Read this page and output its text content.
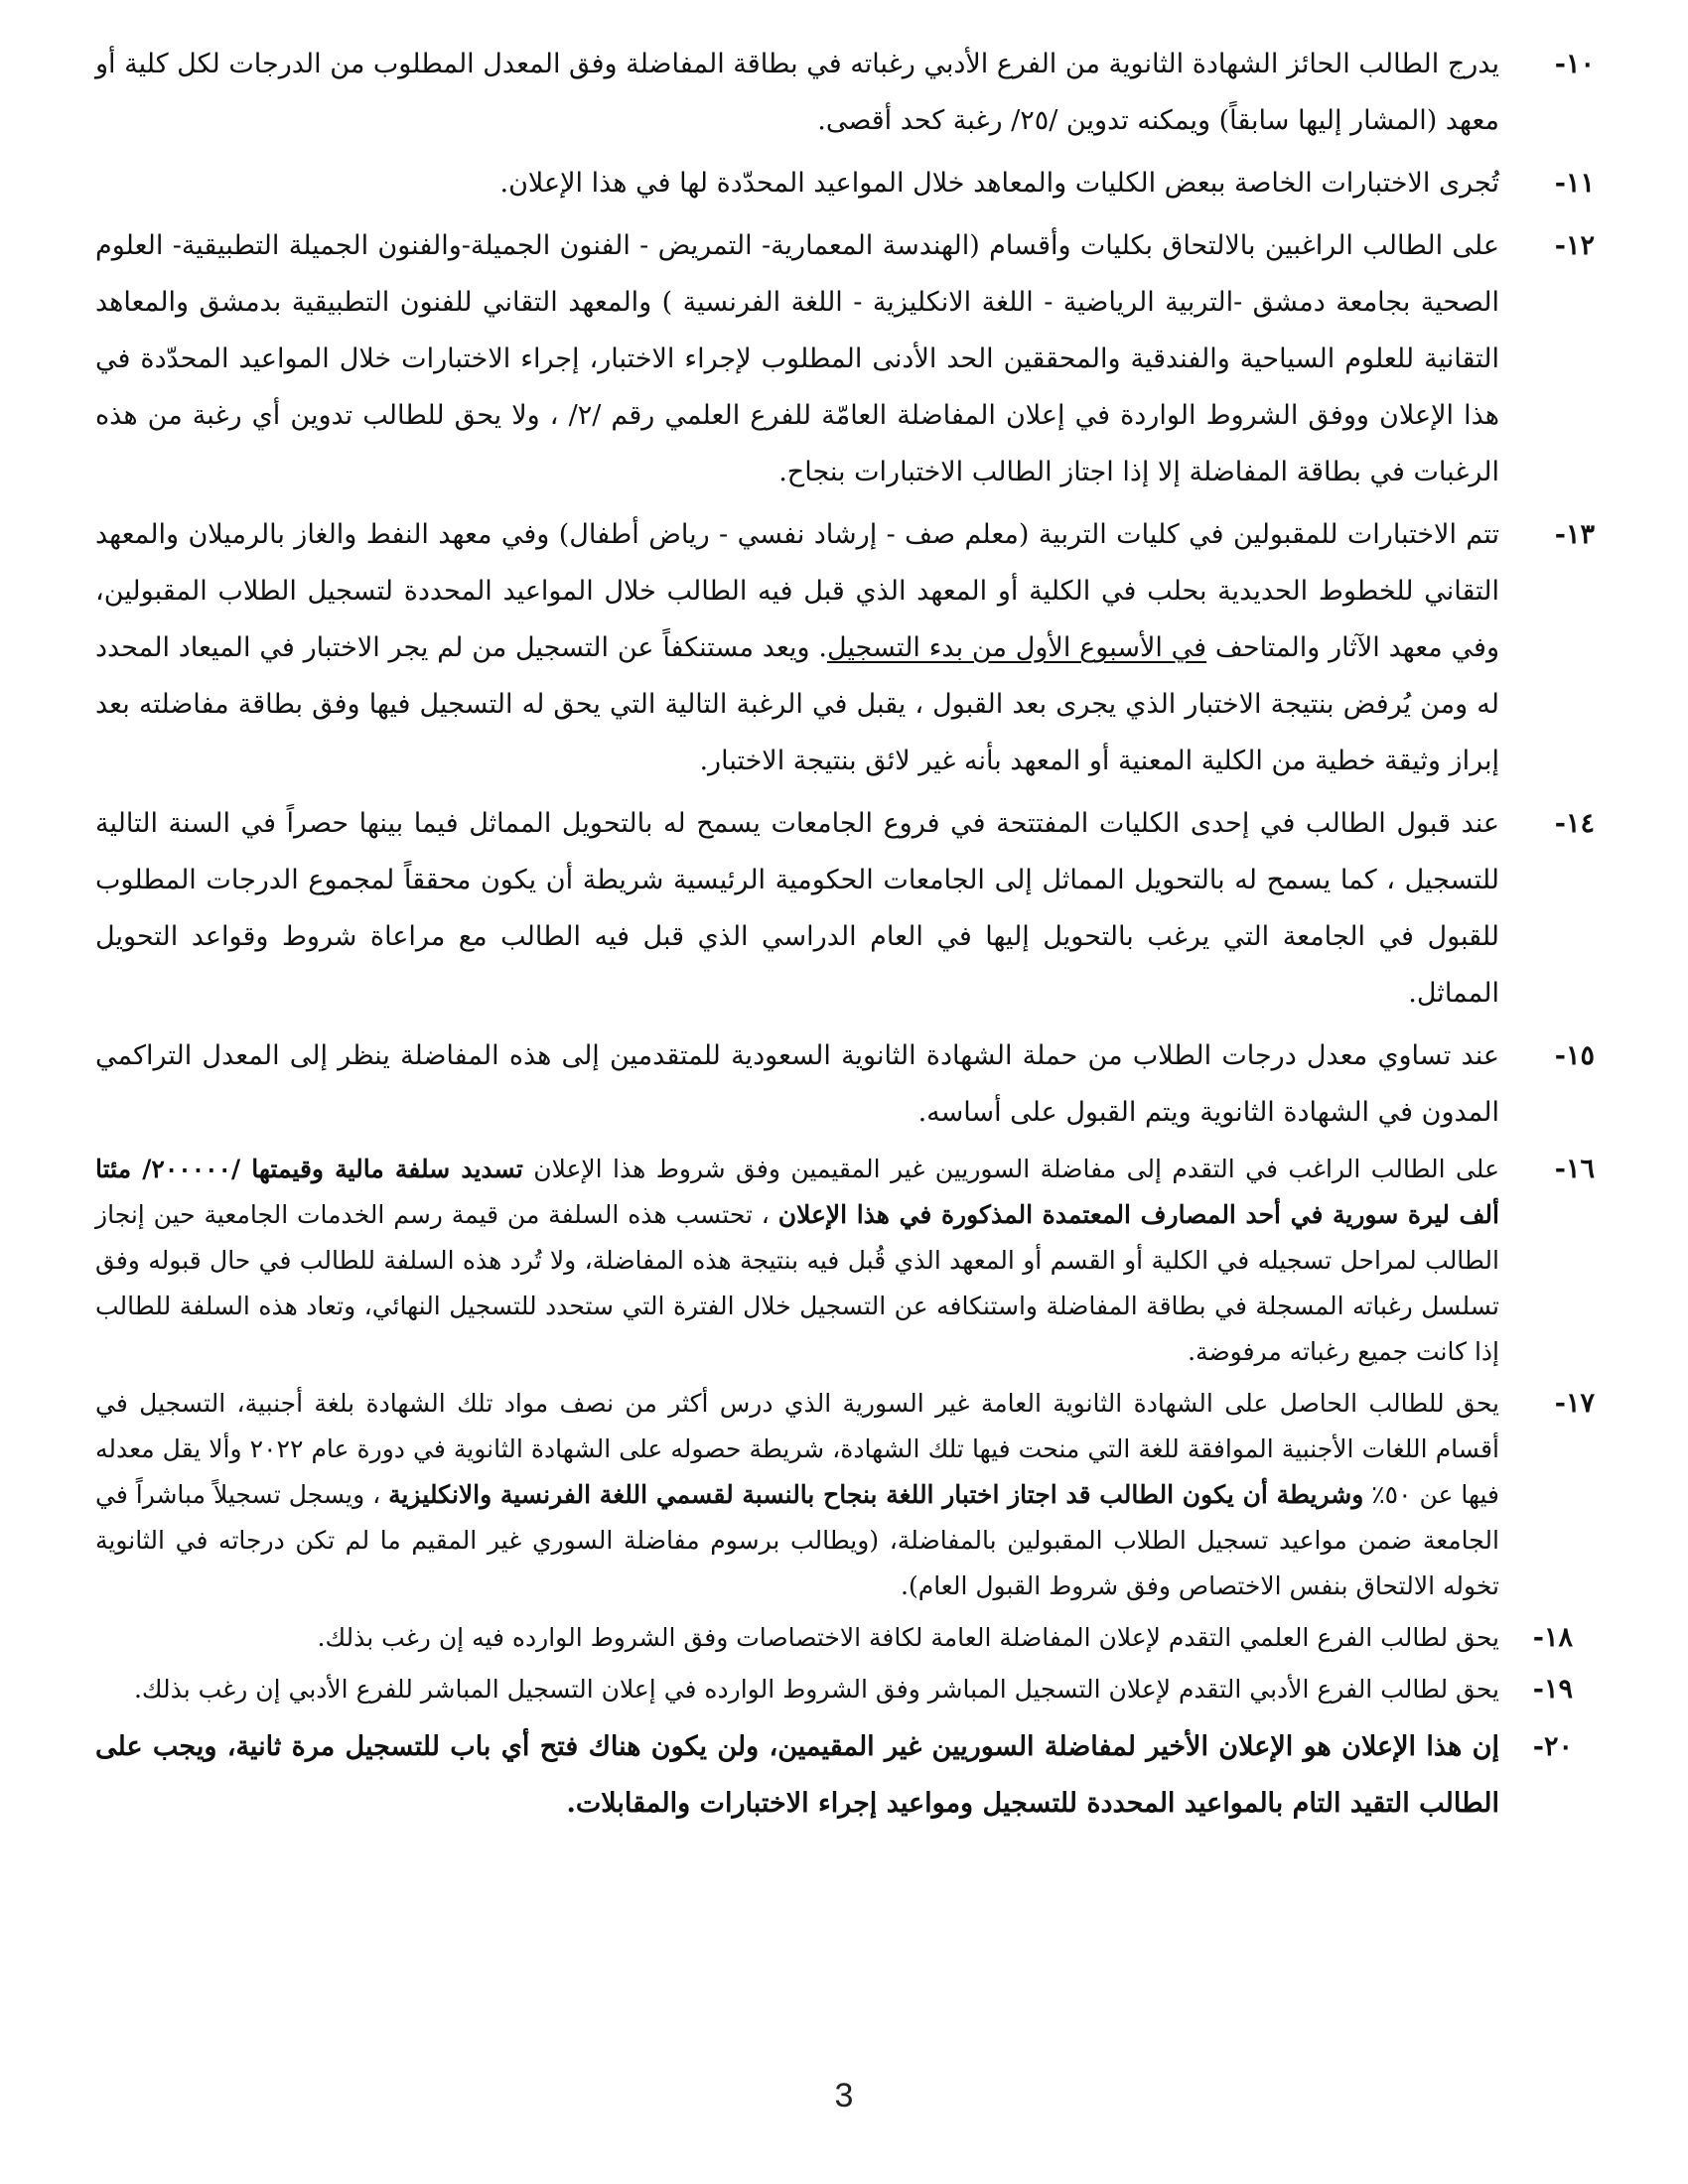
١٠-
يدرج الطالب الحائز الشهادة الثانوية من الفرع الأدبي رغباته في بطاقة المفاضلة وفق المعدل المطلوب من الدرجات لكل كلية أو معهد (المشار إليها سابقاً) ويمكنه تدوين /٢٥/ رغبة كحد أقصى.
١١-
تُجرى الاختبارات الخاصة ببعض الكليات والمعاهد خلال المواعيد المحدّدة لها في هذا الإعلان.
١٢-
على الطالب الراغبين بالالتحاق بكليات وأقسام (الهندسة المعمارية- التمريض - الفنون الجميلة-والفنون الجميلة التطبيقية- العلوم الصحية بجامعة دمشق -التربية الرياضية - اللغة الانكليزية - اللغة الفرنسية ) والمعهد التقاني للفنون التطبيقية بدمشق والمعاهد التقانية للعلوم السياحية والفندقية والمحققين الحد الأدنى المطلوب لإجراء الاختبار، إجراء الاختبارات خلال المواعيد المحدّدة في هذا الإعلان ووفق الشروط الواردة في إعلان المفاضلة العامّة للفرع العلمي رقم /٢/ ، ولا يحق للطالب تدوين أي رغبة من هذه الرغبات في بطاقة المفاضلة إلا إذا اجتاز الطالب الاختبارات بنجاح.
١٣-
تتم الاختبارات للمقبولين في كليات التربية (معلم صف - إرشاد نفسي - رياض أطفال) وفي معهد النفط والغاز بالرميلان والمعهد التقاني للخطوط الحديدية بحلب في الكلية أو المعهد الذي قبل فيه الطالب خلال المواعيد المحددة لتسجيل الطلاب المقبولين، وفي معهد الآثار والمتاحف في الأسبوع الأول من بدء التسجيل. ويعد مستنكفاً عن التسجيل من لم يجر الاختبار في الميعاد المحدد له ومن يُرفض بنتيجة الاختبار الذي يجرى بعد القبول ، يقبل في الرغبة التالية التي يحق له التسجيل فيها وفق بطاقة مفاضلته بعد إبراز وثيقة خطية من الكلية المعنية أو المعهد بأنه غير لائق بنتيجة الاختبار.
١٤-
عند قبول الطالب في إحدى الكليات المفتتحة في فروع الجامعات يسمح له بالتحويل المماثل فيما بينها حصراً في السنة التالية للتسجيل ، كما يسمح له بالتحويل المماثل إلى الجامعات الحكومية الرئيسية شريطة أن يكون محققاً لمجموع الدرجات المطلوب للقبول في الجامعة التي يرغب بالتحويل إليها في العام الدراسي الذي قبل فيه الطالب مع مراعاة شروط وقواعد التحويل المماثل.
١٥-
عند تساوي معدل درجات الطلاب من حملة الشهادة الثانوية السعودية للمتقدمين إلى هذه المفاضلة ينظر إلى المعدل التراكمي المدون في الشهادة الثانوية ويتم القبول على أساسه.
١٦-
على الطالب الراغب في التقدم إلى مفاضلة السوريين غير المقيمين وفق شروط هذا الإعلان تسديد سلفة مالية وقيمتها /٢٠٠٠٠٠/ مئتا ألف ليرة سورية في أحد المصارف المعتمدة المذكورة في هذا الإعلان ، تحتسب هذه السلفة من قيمة رسم الخدمات الجامعية حين إنجاز الطالب لمراحل تسجيله في الكلية أو القسم أو المعهد الذي قُبل فيه بنتيجة هذه المفاضلة، ولا تُرد هذه السلفة للطالب في حال قبوله وفق تسلسل رغباته المسجلة في بطاقة المفاضلة واستنكافه عن التسجيل خلال الفترة التي ستحدد للتسجيل النهائي، وتعاد هذه السلفة للطالب إذا كانت جميع رغباته مرفوضة.
١٧-
يحق للطالب الحاصل على الشهادة الثانوية العامة غير السورية الذي درس أكثر من نصف مواد تلك الشهادة بلغة أجنبية، التسجيل في أقسام اللغات الأجنبية الموافقة للغة التي منحت فيها تلك الشهادة، شريطة حصوله على الشهادة الثانوية في دورة عام ٢٠٢٢ وألا يقل معدله فيها عن ٥٠٪ وشريطة أن يكون الطالب قد اجتاز اختبار اللغة بنجاح بالنسبة لقسمي اللغة الفرنسية والانكليزية ، ويسجل تسجيلاً مباشراً في الجامعة ضمن مواعيد تسجيل الطلاب المقبولين بالمفاضلة، (ويطالب برسوم مفاضلة السوري غير المقيم ما لم تكن درجاته في الثانوية تخوله الالتحاق بنفس الاختصاص وفق شروط القبول العام).
١٨-
يحق لطالب الفرع العلمي التقدم لإعلان المفاضلة العامة لكافة الاختصاصات وفق الشروط الوارده فيه إن رغب بذلك.
١٩-
يحق لطالب الفرع الأدبي التقدم لإعلان التسجيل المباشر وفق الشروط الوارده في إعلان التسجيل المباشر للفرع الأدبي إن رغب بذلك.
٢٠-
إن هذا الإعلان هو الإعلان الأخير لمفاضلة السوريين غير المقيمين، ولن يكون هناك فتح أي باب للتسجيل مرة ثانية، ويجب على الطالب التقيد التام بالمواعيد المحددة للتسجيل ومواعيد إجراء الاختبارات والمقابلات.
3
